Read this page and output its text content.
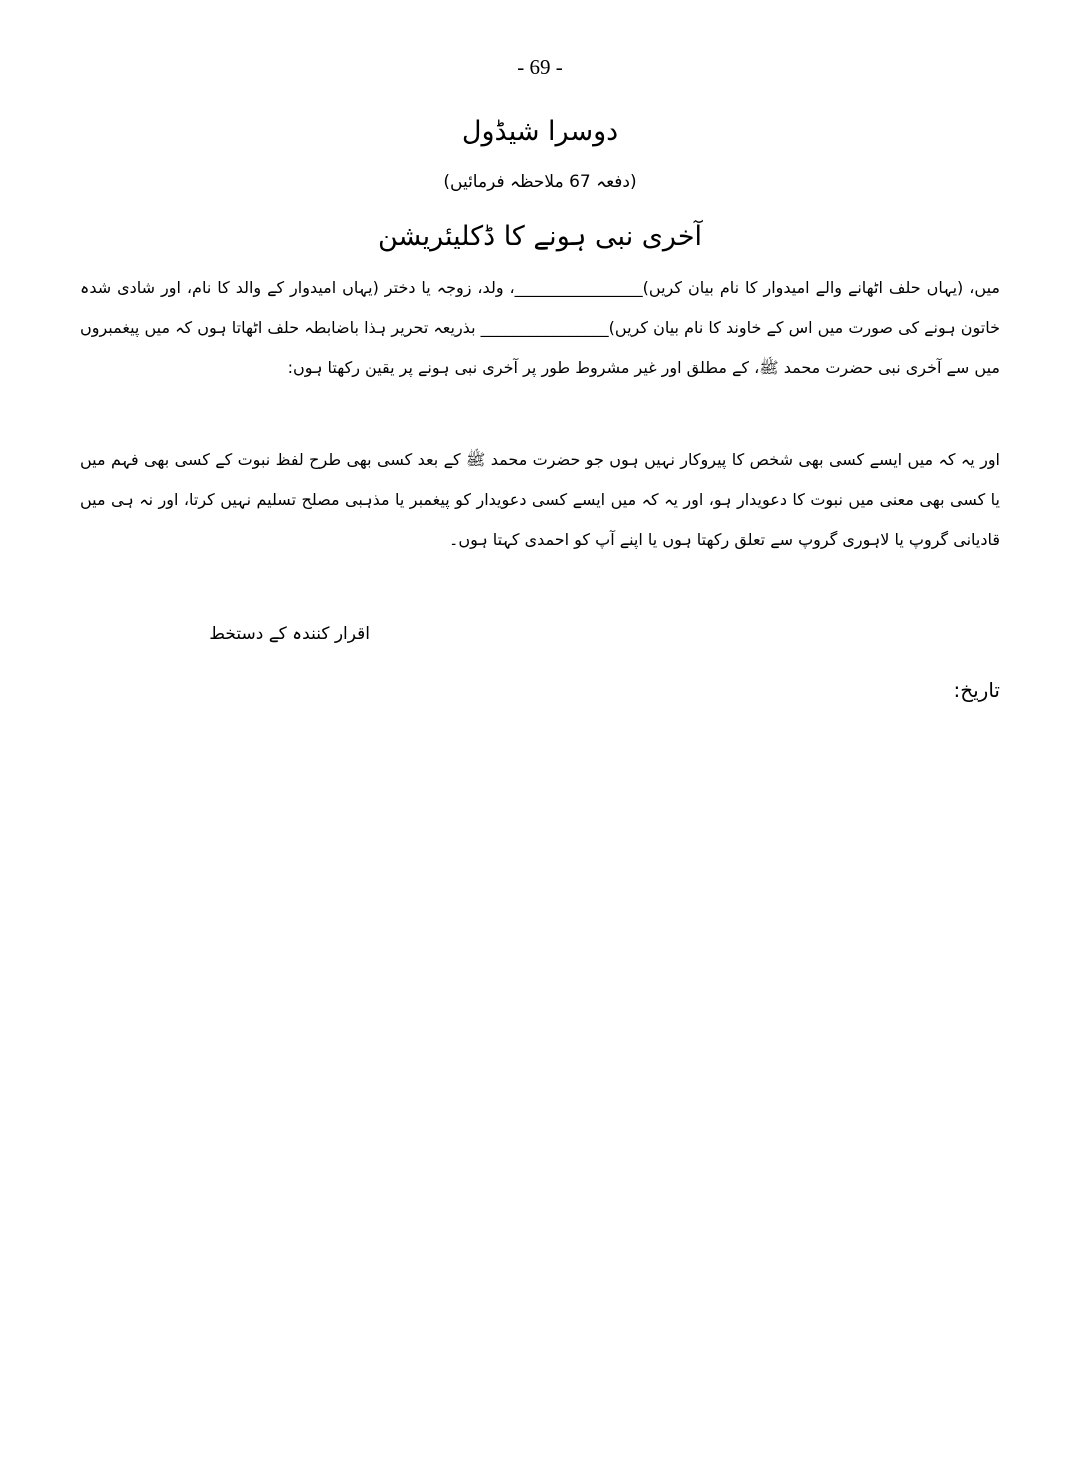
- 69 -
دوسرا شیڈول
(دفعہ 67 ملاحظہ فرمائیں)
آخری نبی ہونے کا ڈکلیئریشن
میں، (یہاں حلف اٹھانے والے امیدوار کا نام بیان کریں)________________، ولد، زوجہ یا دختر (یہاں امیدوار کے والد کا نام، اور شادی شدہ خاتون ہونے کی صورت میں اس کے خاوند کا نام بیان کریں)________________ بذریعہ تحریر ہذا باضابطہ حلف اٹھاتا ہوں کہ میں پیغمبروں میں سے آخری نبی حضرت محمد ﷺ، کے مطلق اور غیر مشروط طور پر آخری نبی ہونے پر یقین رکھتا ہوں:
اور یہ کہ میں ایسے کسی بھی شخص کا پیروکار نہیں ہوں جو حضرت محمد ﷺ کے بعد کسی بھی طرح لفظ نبوت کے کسی بھی فہم میں یا کسی بھی معنی میں نبوت کا دعویدار ہو، اور یہ کہ میں ایسے کسی دعویدار کو پیغمبر یا مذہبی مصلح تسلیم نہیں کرتا، اور نہ ہی میں قادیانی گروپ یا لاہوری گروپ سے تعلق رکھتا ہوں یا اپنے آپ کو احمدی کہتا ہوں۔
اقرار کنندہ کے دستخط
تاریخ:
